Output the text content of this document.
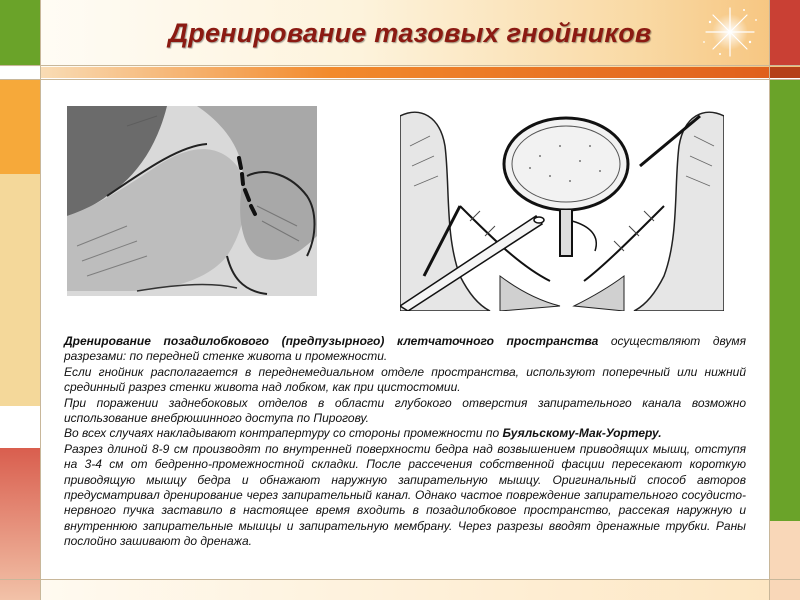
Дренирование тазовых гнойников

Дренирование позадилобкового (предпузырного) клетчаточного пространства осуществляют двумя разрезами: по передней стенке живота и промежности.

Если гнойник располагается в переднемедиальном отделе пространства, используют поперечный или нижний срединный разрез стенки живота над лобком, как при цистостомии.

При поражении заднебоковых отделов в области глубокого отверстия запирательного канала возможно использование внебрюшинного доступа по Пирогову.

Во всех случаях накладывают контрапертуру со стороны промежности по Буяльскому-Мак-Уортеру.

Разрез длиной 8-9 см производят по внутренней поверхности бедра над возвышением приводящих мышц, отступя на 3-4 см от бедренно-промежностной складки. После рассечения собственной фасции пересекают короткую приводящую мышцу бедра и обнажают наружную запирательную мышцу. Оригинальный способ авторов предусматривал дренирование через запирательный канал. Однако частое повреждение запирательного сосудисто-нервного пучка заставило в настоящее время входить в позадилобковое пространство, рассекая наружную и внутреннюю запирательные мышцы и запирательную мембрану. Через разрезы вводят дренажные трубки. Раны послойно зашивают до дренажа.
